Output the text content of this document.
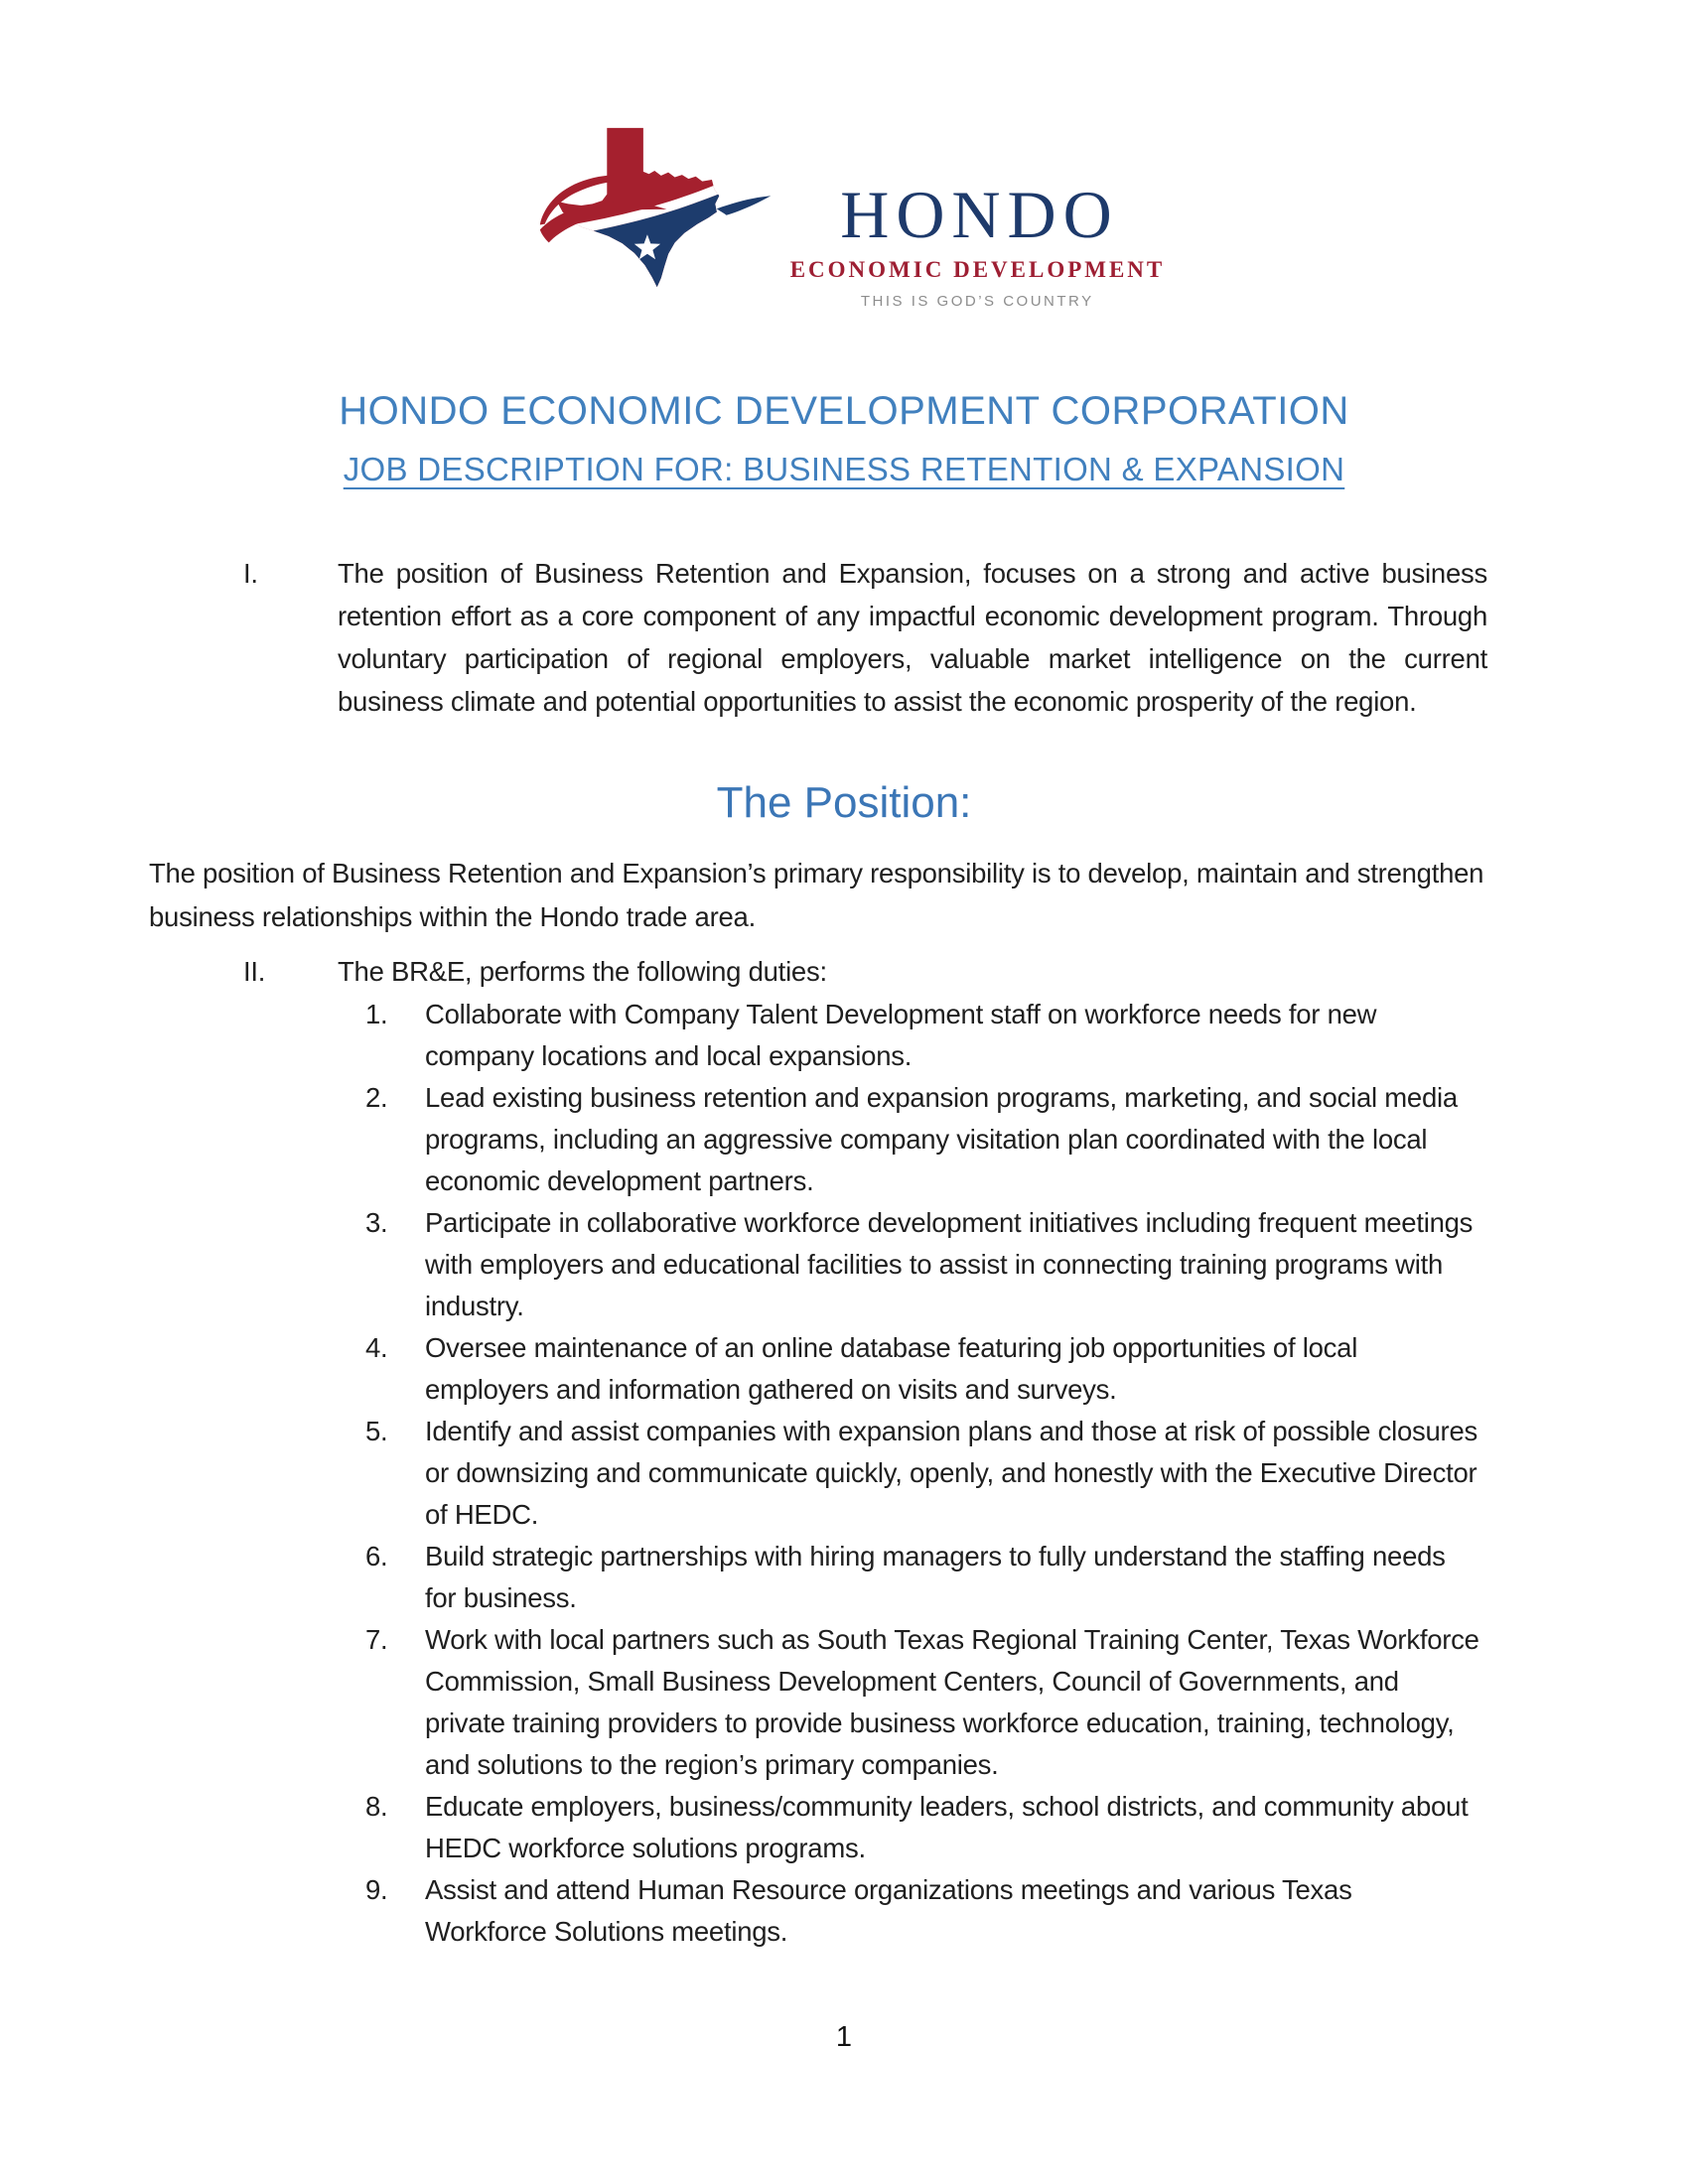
HONDO
ECONOMIC DEVELOPMENT
THIS IS GOD’S COUNTRY
HONDO ECONOMIC DEVELOPMENT CORPORATION
JOB DESCRIPTION FOR: BUSINESS RETENTION & EXPANSION
I.	The position of Business Retention and Expansion, focuses on a strong and active business retention effort as a core component of any impactful economic development program. Through voluntary participation of regional employers, valuable market intelligence on the current business climate and potential opportunities to assist the economic prosperity of the region.
The Position:
The position of Business Retention and Expansion’s primary responsibility is to develop, maintain and strengthen business relationships within the Hondo trade area.
II.	The BR&E, performs the following duties:
1.	Collaborate with Company Talent Development staff on workforce needs for new company locations and local expansions.
2.	Lead existing business retention and expansion programs, marketing, and social media programs, including an aggressive company visitation plan coordinated with the local economic development partners.
3.	Participate in collaborative workforce development initiatives including frequent meetings with employers and educational facilities to assist in connecting training programs with industry.
4.	Oversee maintenance of an online database featuring job opportunities of local employers and information gathered on visits and surveys.
5.	Identify and assist companies with expansion plans and those at risk of possible closures or downsizing and communicate quickly, openly, and honestly with the Executive Director of HEDC.
6.	Build strategic partnerships with hiring managers to fully understand the staffing needs for business.
7.	Work with local partners such as South Texas Regional Training Center, Texas Workforce Commission, Small Business Development Centers, Council of Governments, and private training providers to provide business workforce education, training, technology, and solutions to the region’s primary companies.
8.	Educate employers, business/community leaders, school districts, and community about HEDC workforce solutions programs.
9.	Assist and attend Human Resource organizations meetings and various Texas Workforce Solutions meetings.
1
